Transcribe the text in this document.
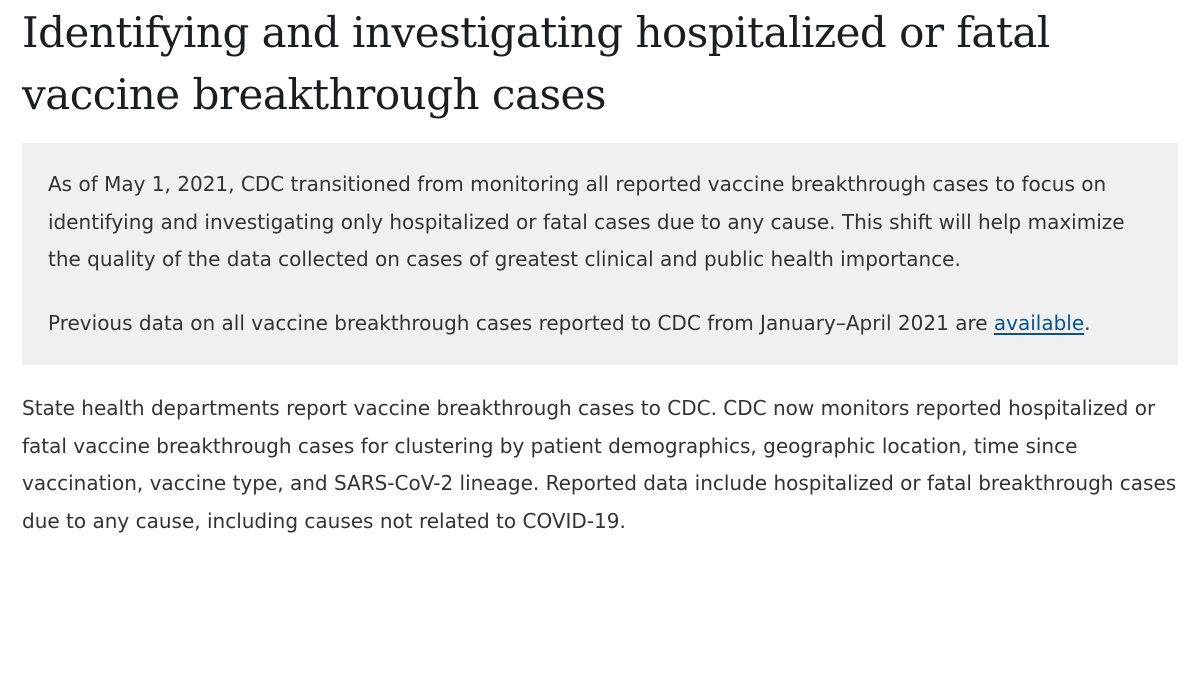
Identifying and investigating hospitalized or fatal vaccine breakthrough cases

As of May 1, 2021, CDC transitioned from monitoring all reported vaccine breakthrough cases to focus on identifying and investigating only hospitalized or fatal cases due to any cause. This shift will help maximize the quality of the data collected on cases of greatest clinical and public health importance.

Previous data on all vaccine breakthrough cases reported to CDC from January–April 2021 are available.

State health departments report vaccine breakthrough cases to CDC. CDC now monitors reported hospitalized or fatal vaccine breakthrough cases for clustering by patient demographics, geographic location, time since vaccination, vaccine type, and SARS-CoV-2 lineage. Reported data include hospitalized or fatal breakthrough cases due to any cause, including causes not related to COVID-19.
